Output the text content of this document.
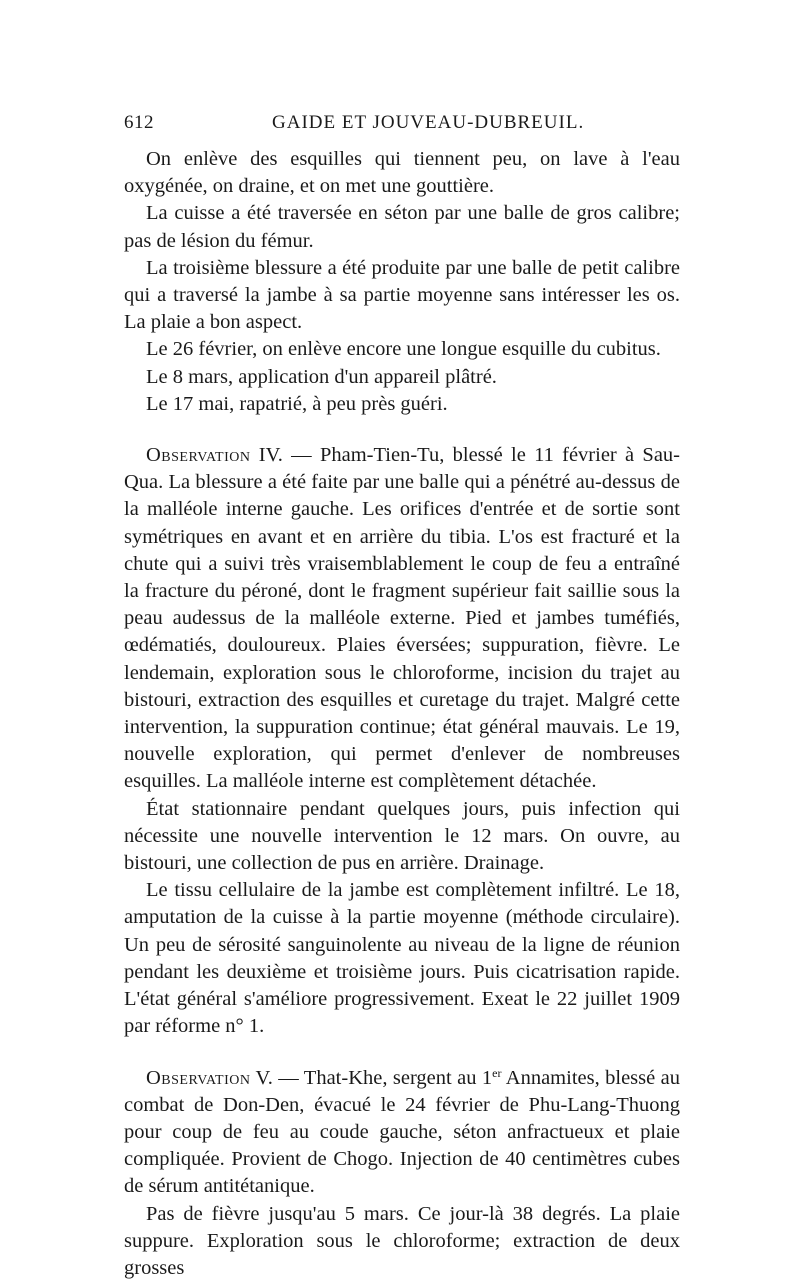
612	GAIDE ET JOUVEAU-DUBREUIL.

On enlève des esquilles qui tiennent peu, on lave à l'eau oxygénée, on draine, et on met une gouttière.

La cuisse a été traversée en séton par une balle de gros calibre; pas de lésion du fémur.

La troisième blessure a été produite par une balle de petit calibre qui a traversé la jambe à sa partie moyenne sans intéresser les os. La plaie a bon aspect.

Le 26 février, on enlève encore une longue esquille du cubitus.

Le 8 mars, application d'un appareil plâtré.

Le 17 mai, rapatrié, à peu près guéri.

Observation IV. — Pham-Tien-Tu, blessé le 11 février à Sau-Qua. La blessure a été faite par une balle qui a pénétré au-dessus de la malléole interne gauche. Les orifices d'entrée et de sortie sont symétriques en avant et en arrière du tibia. L'os est fracturé et la chute qui a suivi très vraisemblablement le coup de feu a entraîné la fracture du péroné, dont le fragment supérieur fait saillie sous la peau audessus de la malléole externe. Pied et jambes tuméfiés, œdématiés, douloureux. Plaies éversées; suppuration, fièvre. Le lendemain, exploration sous le chloroforme, incision du trajet au bistouri, extraction des esquilles et curetage du trajet. Malgré cette intervention, la suppuration continue; état général mauvais. Le 19, nouvelle exploration, qui permet d'enlever de nombreuses esquilles. La malléole interne est complètement détachée.

État stationnaire pendant quelques jours, puis infection qui nécessite une nouvelle intervention le 12 mars. On ouvre, au bistouri, une collection de pus en arrière. Drainage.

Le tissu cellulaire de la jambe est complètement infiltré. Le 18, amputation de la cuisse à la partie moyenne (méthode circulaire). Un peu de sérosité sanguinolente au niveau de la ligne de réunion pendant les deuxième et troisième jours. Puis cicatrisation rapide. L'état général s'améliore progressivement. Exeat le 22 juillet 1909 par réforme n° 1.

Observation V. — That-Khe, sergent au 1er Annamites, blessé au combat de Don-Den, évacué le 24 février de Phu-Lang-Thuong pour coup de feu au coude gauche, séton anfractueux et plaie compliquée. Provient de Chogo. Injection de 40 centimètres cubes de sérum antitétanique.

Pas de fièvre jusqu'au 5 mars. Ce jour-là 38 degrés. La plaie suppure. Exploration sous le chloroforme; extraction de deux grosses
